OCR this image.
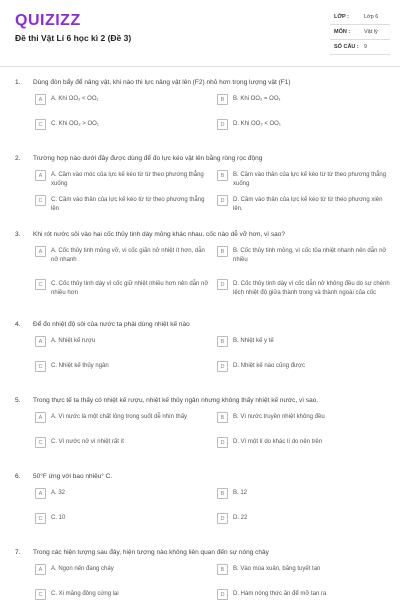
QUIZIZZ
Đề thi Vật Lí 6 học kì 2 (Đề 3)
LỚP :	Lớp 6
MÔN :	Vật lý
SỐ CÂU : 9
1. Dùng đòn bẩy để nâng vật, khi nào thì lực nâng vật lên (F2) nhỏ hơn trọng lượng vật (F1)
A	A. Khi OO₂ < OO₁	B	B. Khi OO₂ = OO₁
C	C. Khi OO₂ > OO₁	D	D. Khi OO₂ < OO₁
2. Trường hợp nào dưới đây được dùng để đo lực kéo vật lên bằng ròng rọc động
A	A. Cầm vào móc của lực kế kéo từ từ theo phương thẳng xuống
B	B. Cầm vào thân của lực kế kéo từ từ theo phương thẳng xuống
C	C. Cầm vào thân của lực kế kéo từ từ theo phương thẳng lên
D	D. Cầm vào thân của lực kế kéo từ từ theo phương xiên lên.
3. Khi rót nước sôi vào hai cốc thủy tinh dày mỏng khác nhau, cốc nào dễ vỡ hơn, vì sao?
A	A. Cốc thủy tinh mỏng vỡ, vì cốc giãn nở nhiệt ít hơn, dẫn nở nhanh
B	B. Cốc thủy tinh mỏng, vì cốc tỏa nhiệt nhanh nên dẫn nở nhiều
C	C. Cốc thủy tinh dày vì cốc giữ nhiệt nhiều hơn nên dẫn nở nhiều hơn
D	D. Cốc thủy tinh dày vì cốc dẫn nở không đều do sự chênh lệch nhiệt độ giữa thành trong và thành ngoài của cốc
4. Để đo nhiệt độ sôi của nước ta phải dùng nhiệt kế nào
A	A. Nhiệt kế rượu	B	B. Nhiệt kế y tế
C	C. Nhiệt kế thủy ngân	D	D. Nhiệt kế nào cũng được
5. Trong thực tế ta thấy có nhiệt kế rượu, nhiệt kế thủy ngân nhưng không thấy nhiệt kế nước, vì sao.
A	A. Vì nước là một chất lỏng trong suốt dễ nhìn thấy	B	B. Vì nước truyền nhiệt không đều
C	C. Vì nước nở vì nhiệt rất ít	D	D. Vì một lí do khác lí do nên trên
6. 50°F ứng với bao nhiêu° C.
A	A. 32	B	B. 12
C	C. 10	D	D. 22
7. Trong các hiện tượng sau đây, hiện tượng nào không liên quan đến sự nóng chảy
A	A. Ngọn nến đang cháy	B	B. Vào mùa xuân, băng tuyết tan
C	C. Xi măng đông cứng lại	D	D. Hàm nóng thức ăn để mỡ tan ra
